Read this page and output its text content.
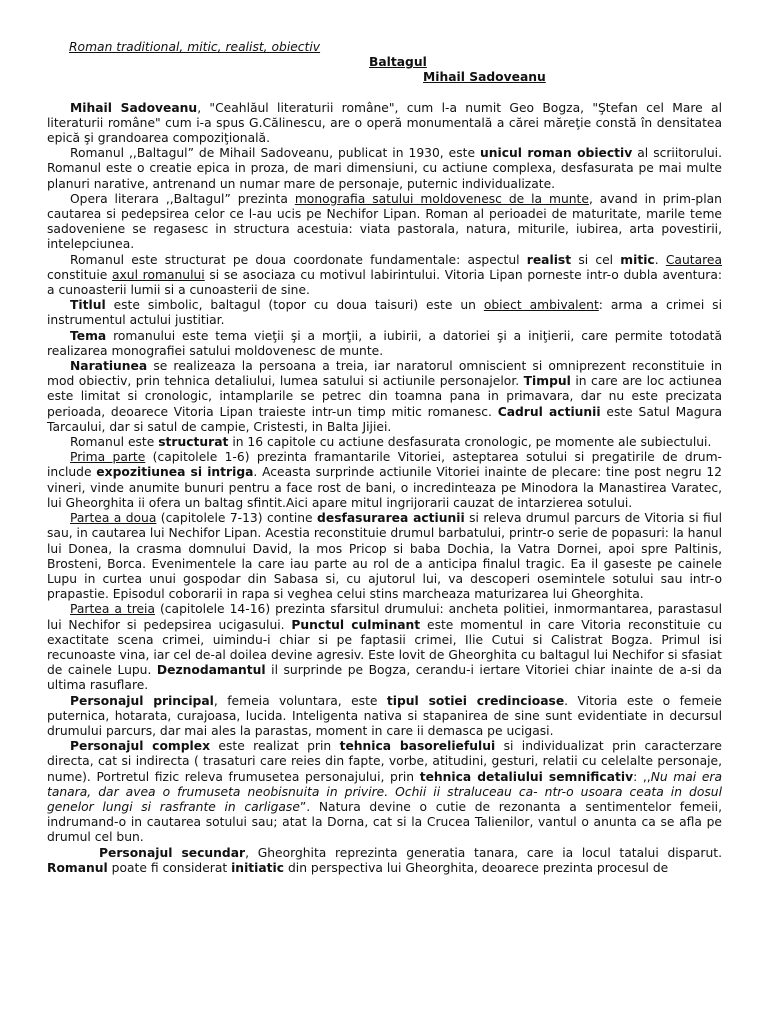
Roman traditional, mitic, realist, obiectiv
Baltagul
Mihail Sadoveanu

Mihail Sadoveanu, "Ceahlăul literaturii române", cum l-a numit Geo Bogza, "Ştefan cel Mare al literaturii române" cum i-a spus G.Călinescu, are o operă monumentală a cărei măreţie constă în densitatea epică şi grandoarea compoziţională.

Romanul ,,Baltagul” de Mihail Sadoveanu, publicat in 1930, este unicul roman obiectiv al scriitorului. Romanul este o creatie epica in proza, de mari dimensiuni, cu actiune complexa, desfasurata pe mai multe planuri narative, antrenand un numar mare de personaje, puternic individualizate.

Opera literara ,,Baltagul” prezinta monografia satului moldovenesc de la munte, avand in prim-plan cautarea si pedepsirea celor ce l-au ucis pe Nechifor Lipan. Roman al perioadei de maturitate, marile teme sadoveniene se regasesc in structura acestuia: viata pastorala, natura, miturile, iubirea, arta povestirii, intelepciunea.

Romanul este structurat pe doua coordonate fundamentale: aspectul realist si cel mitic. Cautarea constituie axul romanului si se asociaza cu motivul labirintului. Vitoria Lipan porneste intr-o dubla aventura: a cunoasterii lumii si a cunoasterii de sine.

Titlul este simbolic, baltagul (topor cu doua taisuri) este un obiect ambivalent: arma a crimei si instrumentul actului justitiar.

Tema romanului este tema vieţii şi a morţii, a iubirii, a datoriei şi a iniţierii, care permite totodată realizarea monografiei satului moldovenesc de munte.

Naratiunea se realizeaza la persoana a treia, iar naratorul omniscient si omniprezent reconstituie in mod obiectiv, prin tehnica detaliului, lumea satului si actiunile personajelor. Timpul in care are loc actiunea este limitat si cronologic, intamplarile se petrec din toamna pana in primavara, dar nu este precizata perioada, deoarece Vitoria Lipan traieste intr-un timp mitic romanesc. Cadrul actiunii este Satul Magura Tarcaului, dar si satul de campie, Cristesti, in Balta Jijiei.

Romanul este structurat in 16 capitole cu actiune desfasurata cronologic, pe momente ale subiectului.

Prima parte (capitolele 1-6) prezinta framantarile Vitoriei, asteptarea sotului si pregatirile de drum- include expozitiunea si intriga. Aceasta surprinde actiunile Vitoriei inainte de plecare: tine post negru 12 vineri, vinde anumite bunuri pentru a face rost de bani, o incredinteaza pe Minodora la Manastirea Varatec, lui Gheorghita ii ofera un baltag sfintit.Aici apare mitul ingrijorarii cauzat de intarzierea sotului.

Partea a doua (capitolele 7-13) contine desfasurarea actiunii si releva drumul parcurs de Vitoria si fiul sau, in cautarea lui Nechifor Lipan. Acestia reconstituie drumul barbatului, printr-o serie de popasuri: la hanul lui Donea, la crasma domnului David, la mos Pricop si baba Dochia, la Vatra Dornei, apoi spre Paltinis, Brosteni, Borca. Evenimentele la care iau parte au rol de a anticipa finalul tragic. Ea il gaseste pe cainele Lupu in curtea unui gospodar din Sabasa si, cu ajutorul lui, va descoperi osemintele sotului sau intr-o prapastie. Episodul coborarii in rapa si veghea celui stins marcheaza maturizarea lui Gheorghita.

Partea a treia (capitolele 14-16) prezinta sfarsitul drumului: ancheta politiei, inmormantarea, parastasul lui Nechifor si pedepsirea ucigasului. Punctul culminant este momentul in care Vitoria reconstituie cu exactitate scena crimei, uimindu-i chiar si pe faptasii crimei, Ilie Cutui si Calistrat Bogza. Primul isi recunoaste vina, iar cel de-al doilea devine agresiv. Este lovit de Gheorghita cu baltagul lui Nechifor si sfasiat de cainele Lupu. Deznodamantul il surprinde pe Bogza, cerandu-i iertare Vitoriei chiar inainte de a-si da ultima rasuflare.

Personajul principal, femeia voluntara, este tipul sotiei credincioase. Vitoria este o femeie puternica, hotarata, curajoasa, lucida. Inteligenta nativa si stapanirea de sine sunt evidentiate in decursul drumului parcurs, dar mai ales la parastas, moment in care ii demasca pe ucigasi.

Personajul complex este realizat prin tehnica basoreliefului si individualizat prin caracterzare directa, cat si indirecta ( trasaturi care reies din fapte, vorbe, atitudini, gesturi, relatii cu celelalte personaje, nume). Portretul fizic releva frumusetea personajului, prin tehnica detaliului semnificativ: ,,Nu mai era tanara, dar avea o frumuseta neobisnuita in privire. Ochii ii straluceau ca- ntr-o usoara ceata in dosul genelor lungi si rasfrante in carligase”. Natura devine o cutie de rezonanta a sentimentelor femeii, indrumand-o in cautarea sotului sau; atat la Dorna, cat si la Crucea Talienilor, vantul o anunta ca se afla pe drumul cel bun.

Personajul secundar, Gheorghita reprezinta generatia tanara, care ia locul tatalui disparut. Romanul poate fi considerat initiatic din perspectiva lui Gheorghita, deoarece prezinta procesul de
